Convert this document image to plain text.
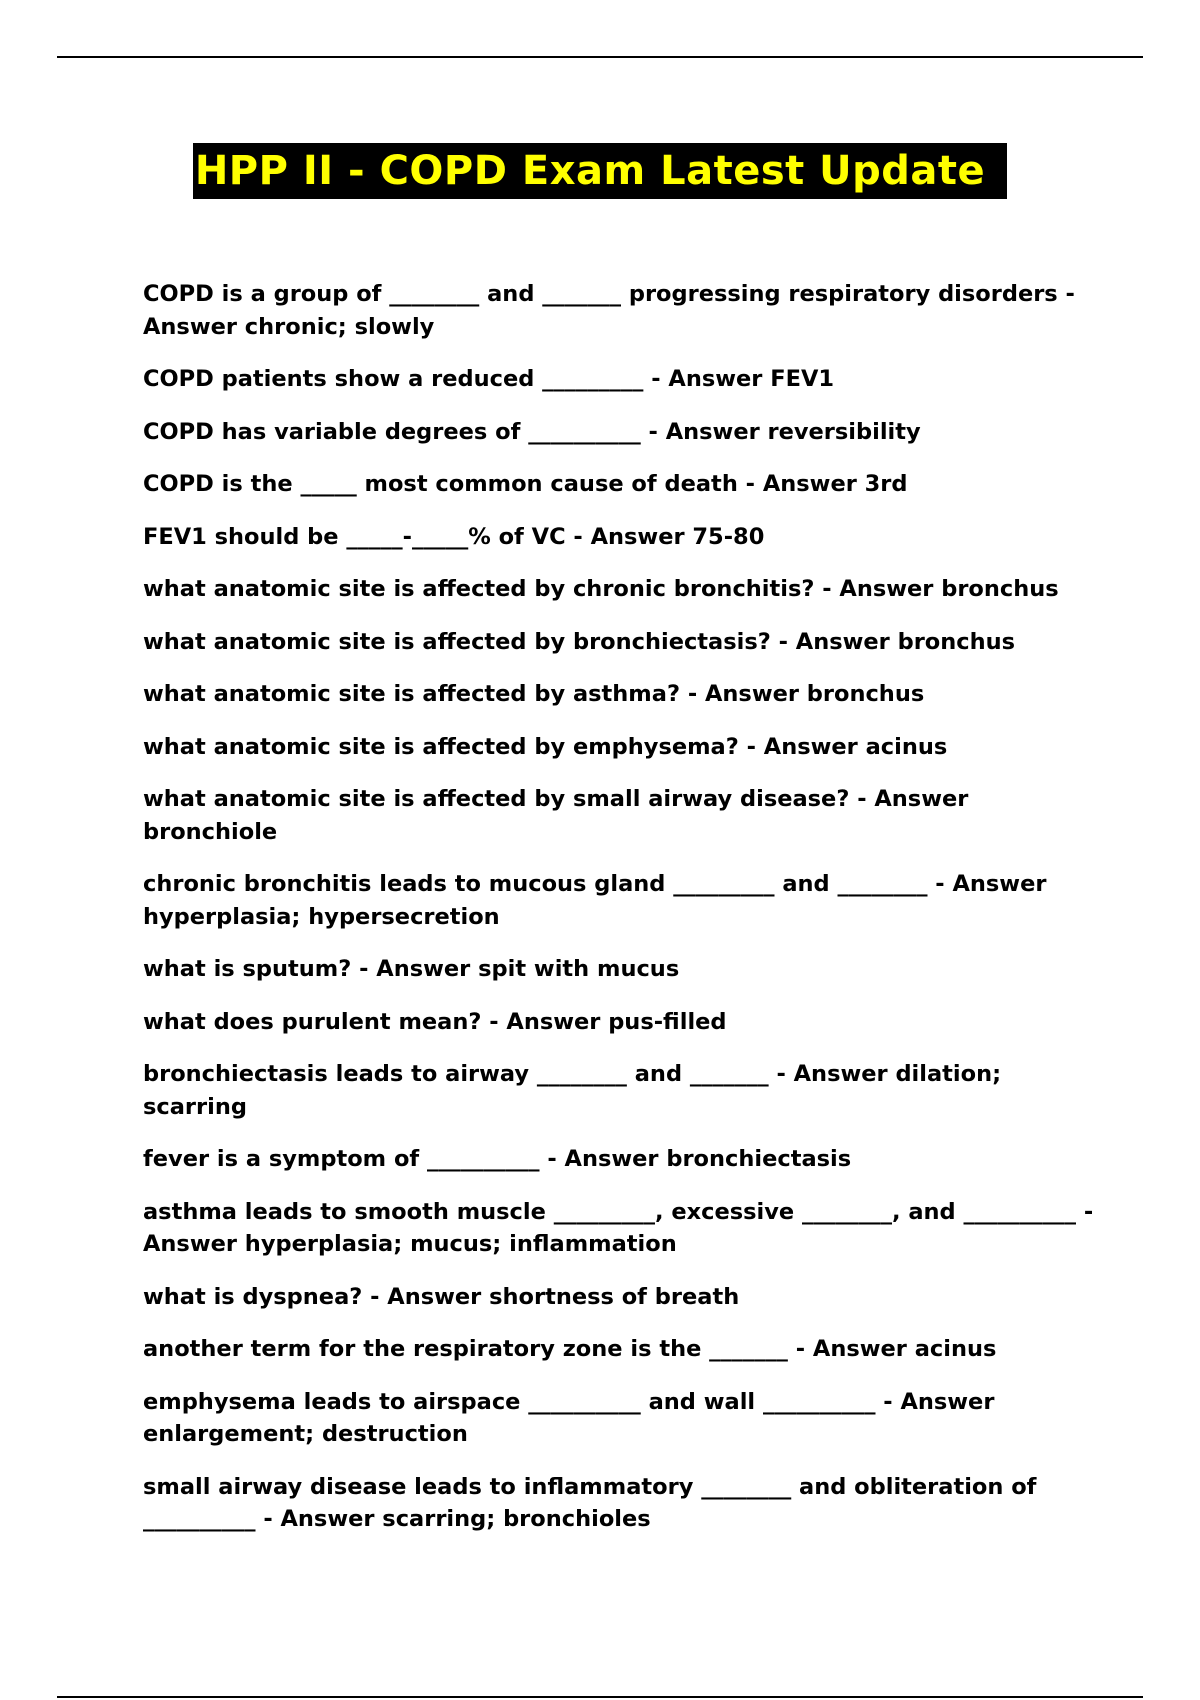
HPP II - COPD Exam Latest Update
COPD is a group of ________ and _______ progressing respiratory disorders - Answer chronic; slowly
COPD patients show a reduced _________ - Answer FEV1
COPD has variable degrees of __________ - Answer reversibility
COPD is the _____ most common cause of death - Answer 3rd
FEV1 should be _____-_____% of VC - Answer 75-80
what anatomic site is affected by chronic bronchitis? - Answer bronchus
what anatomic site is affected by bronchiectasis? - Answer bronchus
what anatomic site is affected by asthma? - Answer bronchus
what anatomic site is affected by emphysema? - Answer acinus
what anatomic site is affected by small airway disease? - Answer bronchiole
chronic bronchitis leads to mucous gland _________ and ________ - Answer hyperplasia; hypersecretion
what is sputum? - Answer spit with mucus
what does purulent mean? - Answer pus-filled
bronchiectasis leads to airway ________ and _______ - Answer dilation; scarring
fever is a symptom of __________ - Answer bronchiectasis
asthma leads to smooth muscle _________, excessive ________, and __________ - Answer hyperplasia; mucus; inflammation
what is dyspnea? - Answer shortness of breath
another term for the respiratory zone is the _______ - Answer acinus
emphysema leads to airspace __________ and wall __________ - Answer enlargement; destruction
small airway disease leads to inflammatory ________ and obliteration of __________ - Answer scarring; bronchioles
